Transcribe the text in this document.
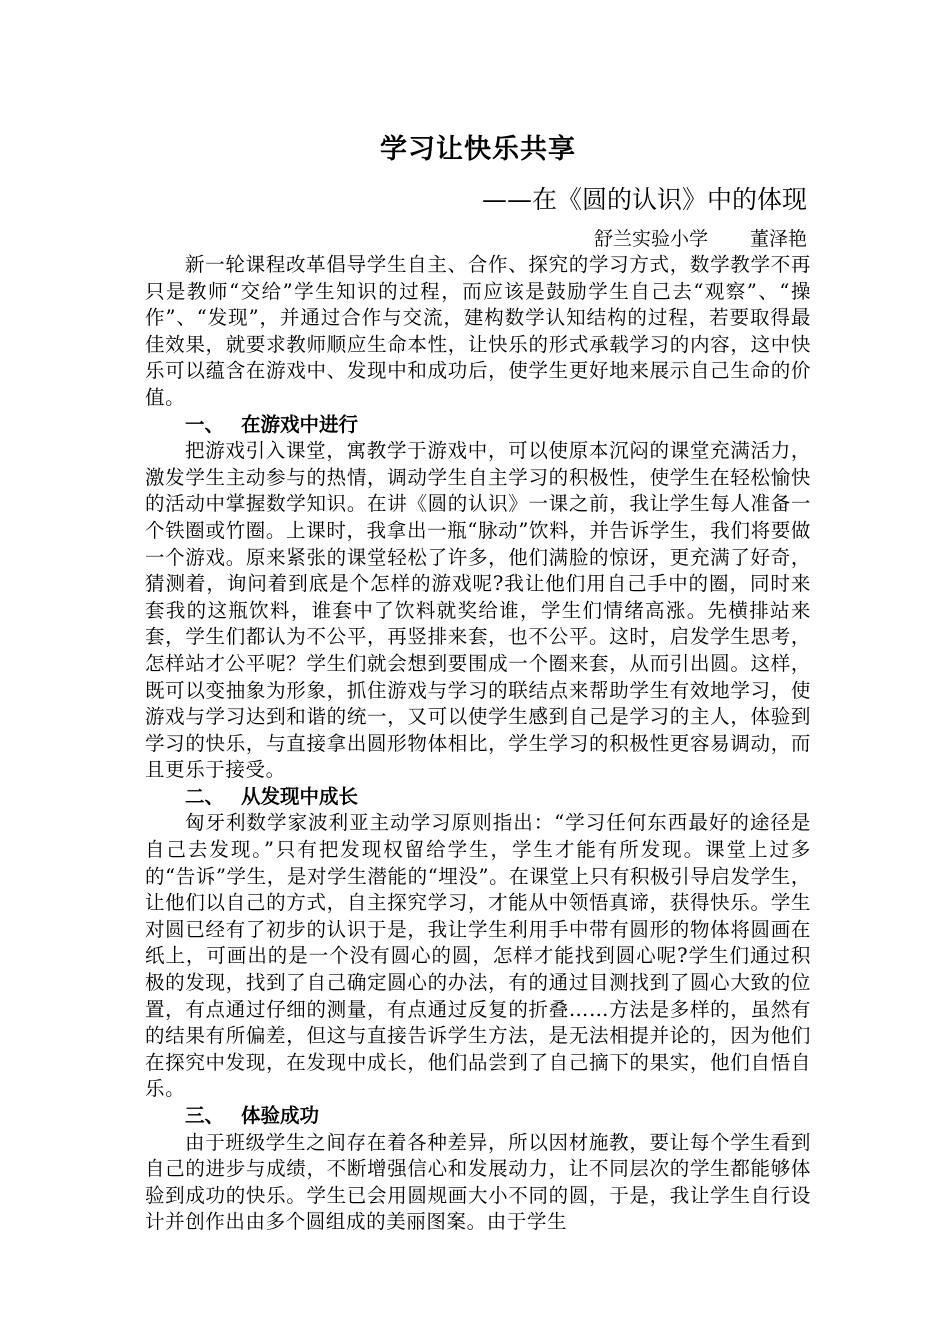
学习让快乐共享
——在《圆的认识》中的体现
舒兰实验小学 董泽艳

新一轮课程改革倡导学生自主、合作、探究的学习方式，数学教学不再只是教师“交给”学生知识的过程，而应该是鼓励学生自己去“观察”、“操作”、“发现”，并通过合作与交流，建构数学认知结构的过程，若要取得最佳效果，就要求教师顺应生命本性，让快乐的形式承载学习的内容，这中快乐可以蕴含在游戏中、发现中和成功后，使学生更好地来展示自己生命的价值。

一、 在游戏中进行

把游戏引入课堂，寓教学于游戏中，可以使原本沉闷的课堂充满活力，激发学生主动参与的热情，调动学生自主学习的积极性，使学生在轻松愉快的活动中掌握数学知识。在讲《圆的认识》一课之前，我让学生每人准备一个铁圈或竹圈。上课时，我拿出一瓶“脉动”饮料，并告诉学生，我们将要做一个游戏。原来紧张的课堂轻松了许多，他们满脸的惊讶，更充满了好奇，猜测着，询问着到底是个怎样的游戏呢?我让他们用自己手中的圈，同时来套我的这瓶饮料，谁套中了饮料就奖给谁，学生们情绪高涨。先横排站来套，学生们都认为不公平，再竖排来套，也不公平。这时，启发学生思考，怎样站才公平呢？学生们就会想到要围成一个圈来套，从而引出圆。这样，既可以变抽象为形象，抓住游戏与学习的联结点来帮助学生有效地学习，使游戏与学习达到和谐的统一，又可以使学生感到自己是学习的主人，体验到学习的快乐，与直接拿出圆形物体相比，学生学习的积极性更容易调动，而且更乐于接受。

二、 从发现中成长

匈牙利数学家波利亚主动学习原则指出：“学习任何东西最好的途径是自己去发现。”只有把发现权留给学生，学生才能有所发现。课堂上过多的“告诉”学生，是对学生潜能的“埋没”。在课堂上只有积极引导启发学生，让他们以自己的方式，自主探究学习，才能从中领悟真谛，获得快乐。学生对圆已经有了初步的认识于是，我让学生利用手中带有圆形的物体将圆画在纸上，可画出的是一个没有圆心的圆，怎样才能找到圆心呢?学生们通过积极的发现，找到了自己确定圆心的办法，有的通过目测找到了圆心大致的位置，有点通过仔细的测量，有点通过反复的折叠……方法是多样的，虽然有的结果有所偏差，但这与直接告诉学生方法，是无法相提并论的，因为他们在探究中发现，在发现中成长，他们品尝到了自己摘下的果实，他们自悟自乐。

三、 体验成功

由于班级学生之间存在着各种差异，所以因材施教，要让每个学生看到自己的进步与成绩，不断增强信心和发展动力，让不同层次的学生都能够体验到成功的快乐。学生已会用圆规画大小不同的圆，于是，我让学生自行设计并创作出由多个圆组成的美丽图案。由于学生
